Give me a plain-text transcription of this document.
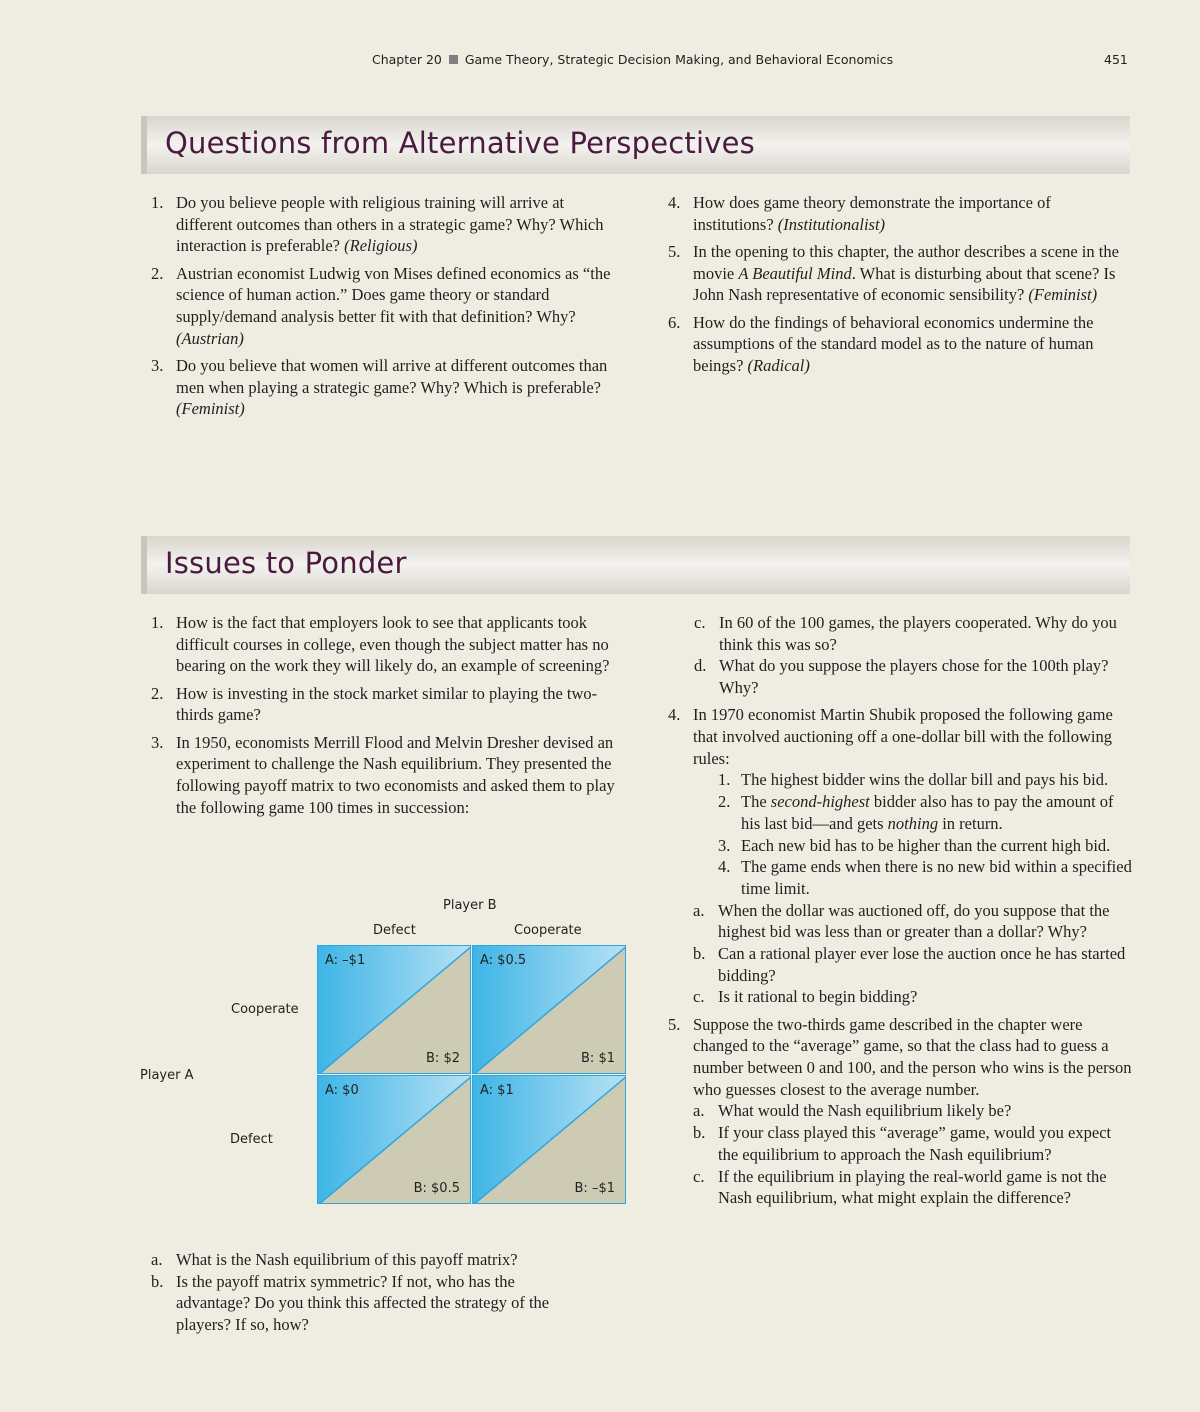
Chapter 20 Game Theory, Strategic Decision Making, and Behavioral Economics	451
Questions from Alternative Perspectives
1. Do you believe people with religious training will arrive at different outcomes than others in a strategic game? Why? Which interaction is preferable? (Religious)
2. Austrian economist Ludwig von Mises defined economics as “the science of human action.” Does game theory or standard supply/demand analysis better fit with that definition? Why? (Austrian)
3. Do you believe that women will arrive at different outcomes than men when playing a strategic game? Why? Which is preferable? (Feminist)
4. How does game theory demonstrate the importance of institutions? (Institutionalist)
5. In the opening to this chapter, the author describes a scene in the movie A Beautiful Mind. What is disturbing about that scene? Is John Nash representative of economic sensibility? (Feminist)
6. How do the findings of behavioral economics undermine the assumptions of the standard model as to the nature of human beings? (Radical)
Issues to Ponder
1. How is the fact that employers look to see that applicants took difficult courses in college, even though the subject matter has no bearing on the work they will likely do, an example of screening?
2. How is investing in the stock market similar to playing the two-thirds game?
3. In 1950, economists Merrill Flood and Melvin Dresher devised an experiment to challenge the Nash equilibrium. They presented the following payoff matrix to two economists and asked them to play the following game 100 times in succession:
Player B
Defect	Cooperate
Cooperate
Defect
Player A
A: –$1
B: $2
A: $0.5
B: $1
A: $0
B: $0.5
A: $1
B: –$1
a. What is the Nash equilibrium of this payoff matrix?
b. Is the payoff matrix symmetric? If not, who has the advantage? Do you think this affected the strategy of the players? If so, how?
c. In 60 of the 100 games, the players cooperated. Why do you think this was so?
d. What do you suppose the players chose for the 100th play? Why?
4. In 1970 economist Martin Shubik proposed the following game that involved auctioning off a one-dollar bill with the following rules:
1. The highest bidder wins the dollar bill and pays his bid.
2. The second-highest bidder also has to pay the amount of his last bid—and gets nothing in return.
3. Each new bid has to be higher than the current high bid.
4. The game ends when there is no new bid within a specified time limit.
a. When the dollar was auctioned off, do you suppose that the highest bid was less than or greater than a dollar? Why?
b. Can a rational player ever lose the auction once he has started bidding?
c. Is it rational to begin bidding?
5. Suppose the two-thirds game described in the chapter were changed to the “average” game, so that the class had to guess a number between 0 and 100, and the person who wins is the person who guesses closest to the average number.
a. What would the Nash equilibrium likely be?
b. If your class played this “average” game, would you expect the equilibrium to approach the Nash equilibrium?
c. If the equilibrium in playing the real-world game is not the Nash equilibrium, what might explain the difference?
